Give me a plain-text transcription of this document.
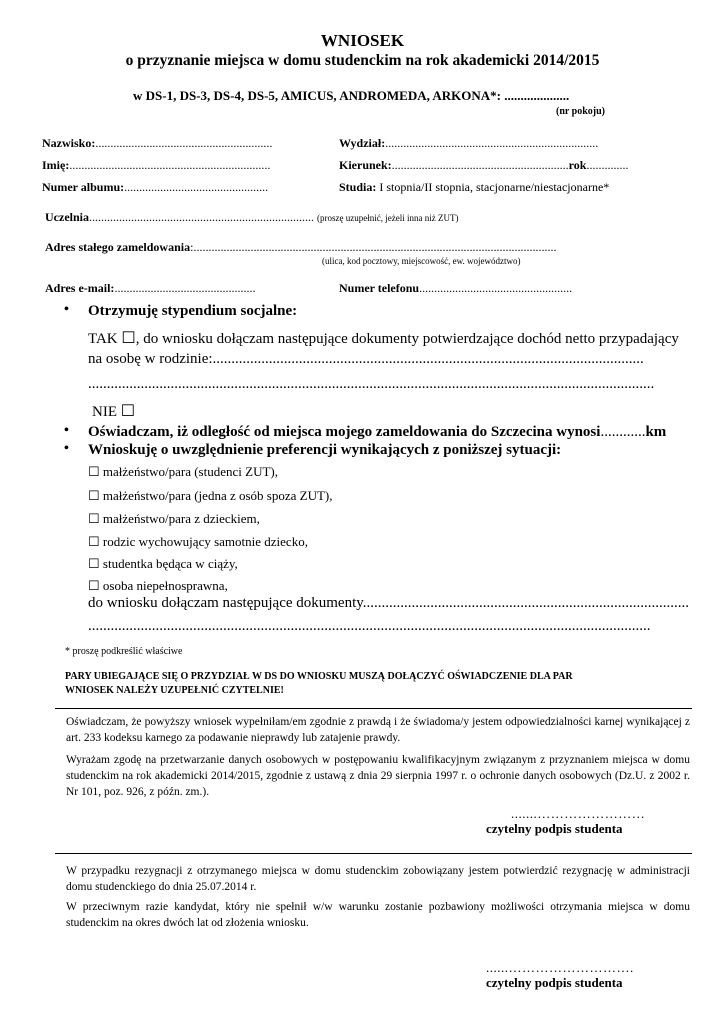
WNIOSEK
o przyznanie miejsca w domu studenckim na rok akademicki 2014/2015
w DS-1, DS-3, DS-4, DS-5, AMICUS, ANDROMEDA, ARKONA*: ....................
(nr pokoju)
Nazwisko:...........................................................	Wydział:.......................................................................
Imię:...................................................................	Kierunek:...........................................................rok..............
Numer albumu:................................................	Studia: I stopnia/II stopnia, stacjonarne/niestacjonarne*
Uczelnia........................................................................... (proszę uzupełnić, jeżeli inna niż ZUT)
Adres stałego zameldowania:.........................................................................................................................
(ulica, kod pocztowy, miejscowość, ew. województwo)
Adres e-mail:...............................................	Numer telefonu...................................................
• Otrzymuję stypendium socjalne:
TAK ☐, do wniosku dołączam następujące dokumenty potwierdzające dochód netto przypadający
na osobę w rodzinie:...................................................................................................................
.......................................................................................................................................................
NIE ☐
• Oświadczam, iż odległość od miejsca mojego zameldowania do Szczecina wynosi............km
• Wnioskuję o uwzględnienie preferencji wynikających z poniższej sytuacji:
☐ małżeństwo/para (studenci ZUT),
☐ małżeństwo/para (jedna z osób spoza ZUT),
☐ małżeństwo/para z dzieckiem,
☐ rodzic wychowujący samotnie dziecko,
☐ studentka będąca w ciąży,
☐ osoba niepełnosprawna,
do wniosku dołączam następujące dokumenty.......................................................................................
......................................................................................................................................................
* proszę podkreślić właściwe
PARY UBIEGAJĄCE SIĘ O PRZYDZIAŁ W DS DO WNIOSKU MUSZĄ DOŁĄCZYĆ OŚWIADCZENIE DLA PAR
WNIOSEK NALEŻY UZUPEŁNIĆ CZYTELNIE!
Oświadczam, że powyższy wniosek wypełniłam/em zgodnie z prawdą i że świadoma/y jestem odpowiedzialności karnej wynikającej z art. 233 kodeksu karnego za podawanie nieprawdy lub zatajenie prawdy.
Wyrażam zgodę na przetwarzanie danych osobowych w postępowaniu kwalifikacyjnym związanym z przyznaniem miejsca w domu studenckim na rok akademicki 2014/2015, zgodnie z ustawą z dnia 29 sierpnia 1997 r. o ochronie danych osobowych (Dz.U. z 2002 r. Nr 101, poz. 926, z późn. zm.).
.......……………………
czytelny podpis studenta
W przypadku rezygnacji z otrzymanego miejsca w domu studenckim zobowiązany jestem potwierdzić rezygnację w administracji domu studenckiego do dnia 25.07.2014 r.
W przeciwnym razie kandydat, który nie spełnił w/w warunku zostanie pozbawiony możliwości otrzymania miejsca w domu studenckim na okres dwóch lat od złożenia wniosku.
......……………………….
czytelny podpis studenta
